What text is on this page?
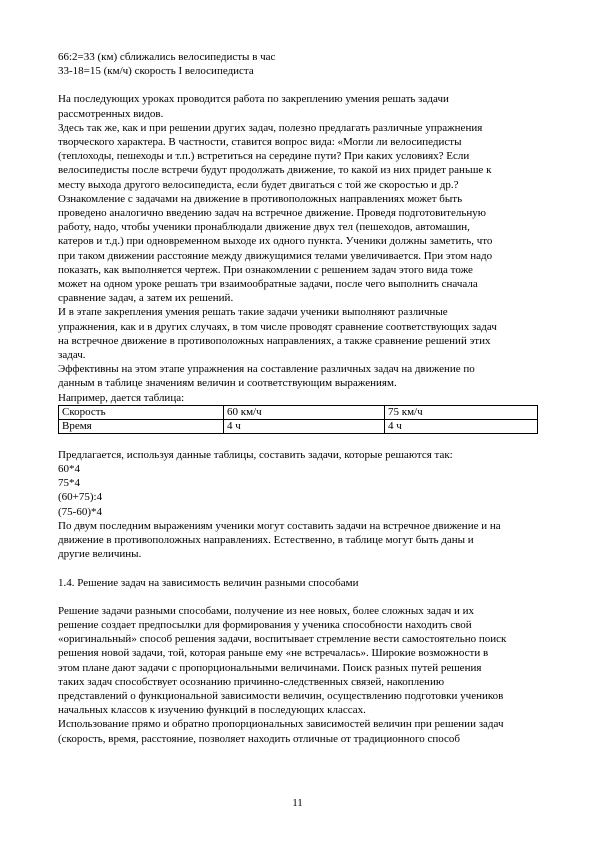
66:2=33 (км) сближались велосипедисты в час

33-18=15 (км/ч) скорость I велосипедиста

На последующих уроках проводится работа по закреплению умения решать задачи

рассмотренных видов.

Здесь так же, как и при решении других задач, полезно предлагать различные упражнения

творческого характера. В частности, ставится вопрос вида: «Могли ли велосипедисты

(теплоходы, пешеходы и т.п.) встретиться на середине пути? При каких условиях? Если

велосипедисты после встречи будут продолжать движение, то какой из них придет раньше к

месту выхода другого велосипедиста, если будет двигаться с той же скоростью и др.?

Ознакомление с задачами на движение в противоположных направлениях может быть

проведено аналогично введению задач на встречное движение. Проведя подготовительную

работу, надо, чтобы ученики пронаблюдали движение двух тел (пешеходов, автомашин,

катеров и т.д.) при одновременном выходе их одного пункта. Ученики должны заметить, что

при таком движении расстояние между движущимися телами увеличивается. При этом надо

показать, как выполняется чертеж. При ознакомлении с решением задач этого вида тоже

может на одном уроке решать три взаимообратные задачи, после чего выполнить сначала

сравнение задач, а затем их решений.

И в этапе закрепления умения решать такие задачи ученики выполняют различные

упражнения, как и в других случаях, в том числе проводят сравнение соответствующих задач

на встречное движение в противоположных направлениях, а также сравнение решений этих

задач.

Эффективны на этом этапе упражнения на составление различных задач на движение по

данным в таблице значениям величин и соответствующим выражениям.

Например, дается таблица:

Скорость	60 км/ч	75 км/ч
Время	4 ч	4 ч

Предлагается, используя данные таблицы, составить задачи, которые решаются так:

60*4

75*4

(60+75):4

(75-60)*4

По двум последним выражениям ученики могут составить задачи на встречное движение и на

движение в противоположных направлениях. Естественно, в таблице могут быть даны и

другие величины.

1.4. Решение задач на зависимость величин разными способами

Решение задачи разными способами, получение из нее новых, более сложных задач и их

решение создает предпосылки для формирования у ученика способности находить свой

«оригинальный» способ решения задачи, воспитывает стремление вести самостоятельно поиск

решения новой задачи, той, которая раньше ему «не встречалась». Широкие возможности в

этом плане дают задачи с пропорциональными величинами. Поиск разных путей решения

таких задач способствует осознанию причинно-следственных связей, накоплению

представлений о функциональной зависимости величин, осуществлению подготовки учеников

начальных классов к изучению функций в последующих классах.

Использование прямо и обратно пропорциональных зависимостей величин при решении задач

(скорость, время, расстояние, позволяет находить отличные от традиционного способ

11
